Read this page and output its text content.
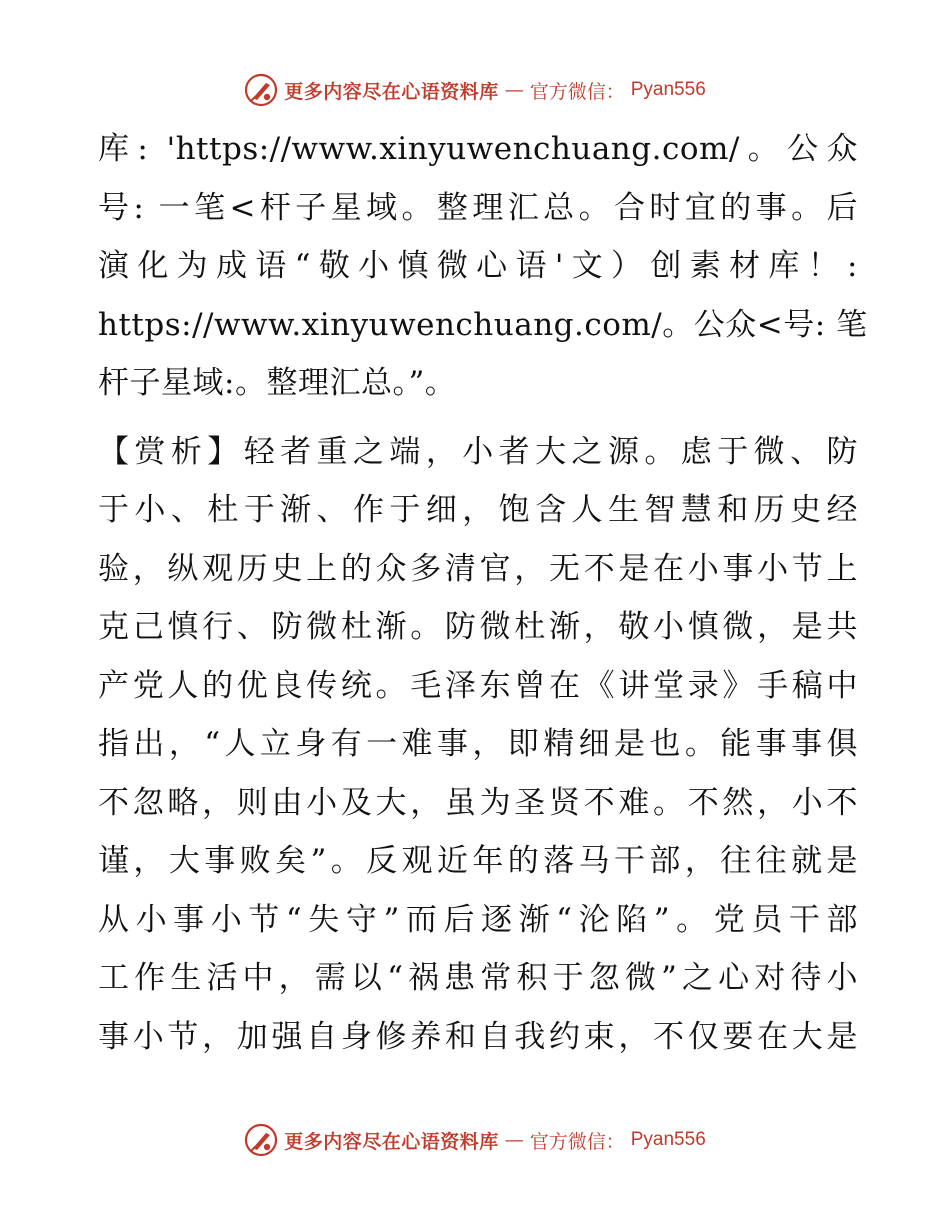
更多内容尽在心语资料库 — 官方微信： Pyan556
库: 'https://www.xinyuwenchuang.com/。公众
号: 一笔<杆子星域。整理汇总。合时宜的事。后
演化为成语“敬小慎微心语'文）创素材库！:
https://www.xinyuwenchuang.com/。公众<号: 笔
杆子星域:。整理汇总。”。
【赏析】轻者重之端，小者大之源。虑于微、防
于小、杜于渐、作于细，饱含人生智慧和历史经
验，纵观历史上的众多清官，无不是在小事小节上
克己慎行、防微杜渐。防微杜渐，敬小慎微，是共
产党人的优良传统。毛泽东曾在《讲堂录》手稿中
指出，“人立身有一难事，即精细是也。能事事俱
不忽略，则由小及大，虽为圣贤不难。不然，小不
谨，大事败矣”。反观近年的落马干部，往往就是
从小事小节“失守”而后逐渐“沦陷”。党员干部
工作生活中，需以“祸患常积于忽微”之心对待小
事小节，加强自身修养和自我约束，不仅要在大是
更多内容尽在心语资料库 — 官方微信： Pyan556
